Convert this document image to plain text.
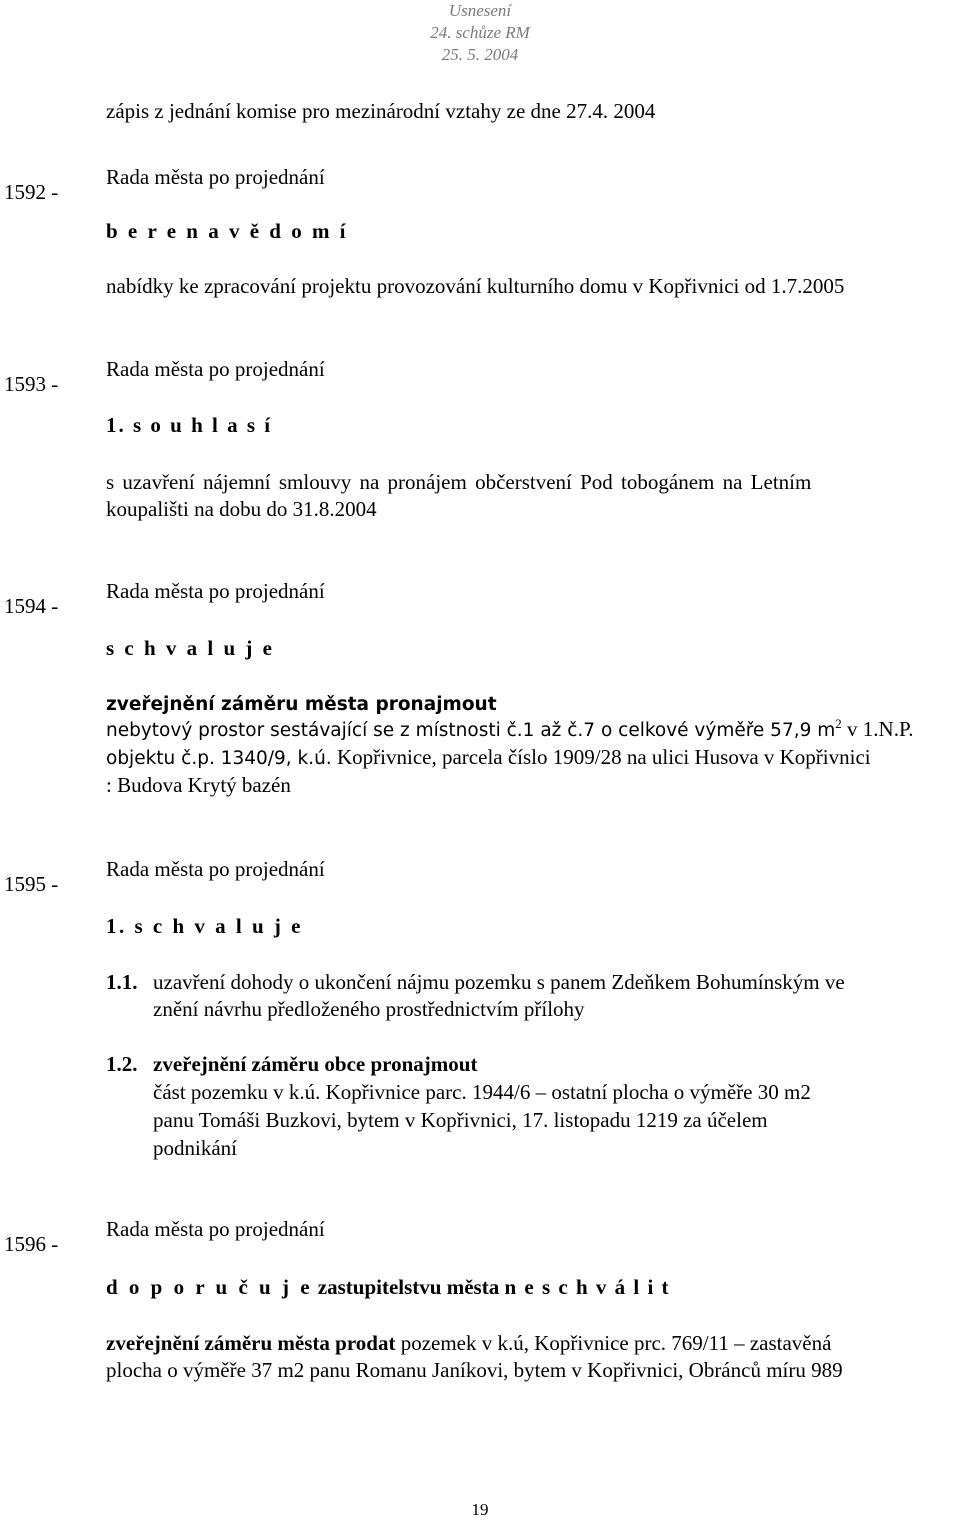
Usnesení
24. schůze RM
25. 5. 2004
zápis z jednání komise pro mezinárodní vztahy ze dne 27.4. 2004
1592 -
Rada města po projednání
b e r e n a v ě d o m í
nabídky ke zpracování projektu provozování kulturního domu v Kopřivnici od 1.7.2005
1593 -
Rada města po projednání
1. s o u h l a s í
s uzavření nájemní smlouvy na pronájem občerstvení Pod tobogánem na Letním
koupališti na dobu do 31.8.2004
1594 -
Rada města po projednání
s c h v a l u j e
zveřejnění záměru města pronajmout
nebytový prostor sestávající se z místnosti č.1 až č.7 o celkové výměře 57,9 $m^2$ v 1.N.P.
objektu č.p. 1340/9, k.ú. Kopřivnice, parcela číslo 1909/28 na ulici Husova v Kopřivnici
: Budova Krytý bazén
1595 -
Rada města po projednání
1. s c h v a l u j e
1.1. uzavření dohody o ukončení nájmu pozemku s panem Zdeňkem Bohumínským ve
znění návrhu předloženého prostřednictvím přílohy
1.2. zveřejnění záměru obce pronajmout
část pozemku v k.ú. Kopřivnice parc. 1944/6 – ostatní plocha o výměře 30 m2
panu Tomáši Buzkovi, bytem v Kopřivnici, 17. listopadu 1219 za účelem
podnikání
1596 -
Rada města po projednání
d o p o r u č u j e zastupitelstvu města n e s c h v á l i t
zveřejnění záměru města prodat pozemek v k.ú, Kopřivnice prc. 769/11 – zastavěná
plocha o výměře 37 m2 panu Romanu Janíkovi, bytem v Kopřivnici, Obránců míru 989
19
